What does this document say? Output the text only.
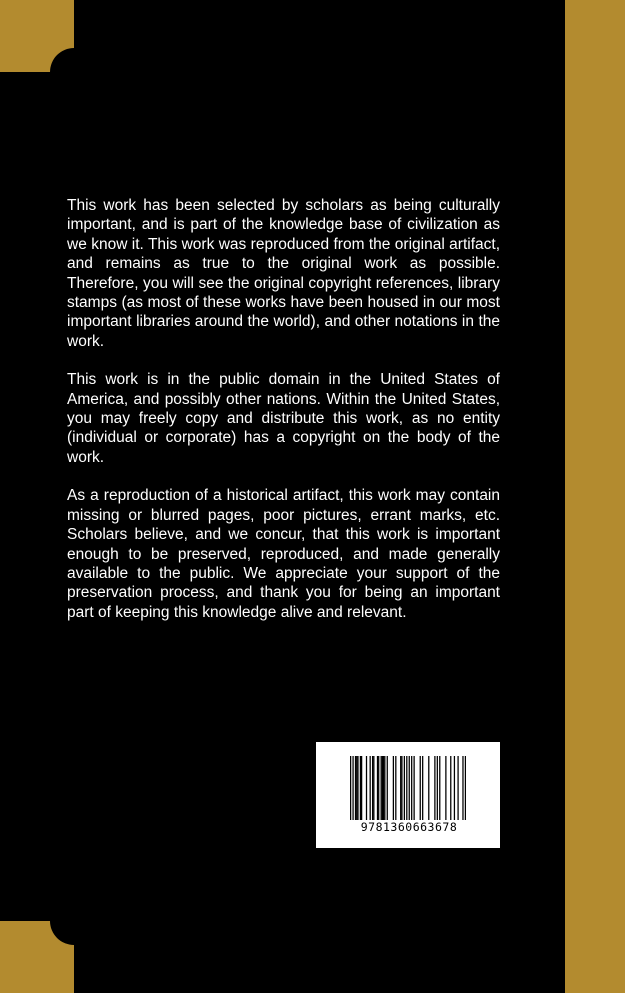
This work has been selected by scholars as being culturally important, and is part of the knowledge base of civilization as we know it. This work was reproduced from the original artifact, and remains as true to the original work as possible. Therefore, you will see the original copyright references, library stamps (as most of these works have been housed in our most important libraries around the world), and other notations in the work.

This work is in the public domain in the United States of America, and possibly other nations. Within the United States, you may freely copy and distribute this work, as no entity (individual or corporate) has a copyright on the body of the work.

As a reproduction of a historical artifact, this work may contain missing or blurred pages, poor pictures, errant marks, etc. Scholars believe, and we concur, that this work is important enough to be preserved, reproduced, and made generally available to the public. We appreciate your support of the preservation process, and thank you for being an important part of keeping this knowledge alive and relevant.

9781360663678
